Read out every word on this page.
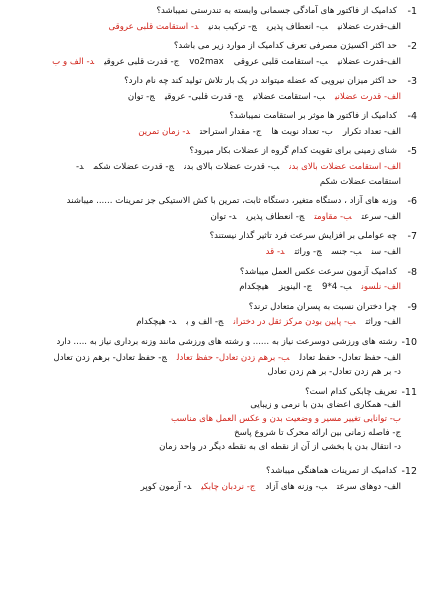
1-
کدامیک از فاکتور های آمادگی جسمانی وابسته به تندرستی نمیباشد؟
الف-قدرت عضلانیب- انعطاف پذیریج- ترکیب بدنید- استقامت قلبی عروقی
2-
حد اکثر اکسیژن مصرفی تعرف کدامیک از موارد زیر می باشد؟
الف-قدرت عضلانیب- استقامت قلبی عروقیvo2maxج- قدرت قلبی عروقید- الف و ب
3-
حد اکثر میزان نیرویی که عضله میتواند در یک بار تلاش تولید کند چه نام دارد؟
الف- قدرت عضلانیب- استقامت عضلانیج- قدرت قلبی- عروقیج- توان
4-
کدامیک از فاکتور ها موثر بر استقامت نمیباشد؟
الف- تعداد تکرارب- تعداد نوبت هاج- مقدار استراحتد- زمان تمرین
5-
شنای زمینی برای تقویت کدام گروه از عضلات بکار میرود؟
الف- استقامت عضلات بالای بدنب- قدرت عضلات بالای بدنج- قدرت عضلات شکمد-
استقامت عضلات شکم
6-
وزنه های آزاد ، دستگاه متغیر، دستگاه ثابت، تمرین با کش الاستیکی جز تمرینات ...... میباشند
الف- سرعتب- مقاومتج- انعطاف پذیرید- توان
7-
چه عواملی بر افزایش سرعت فرد تاثیر گذار نیستند؟
الف- سنب- جنسج- وراثتد- قد
8-
کدامیک آزمون سرعت عکس العمل میباشد؟
الف- نلسونب- 4*9ج- الینویزهیچکدام
9-
چرا دختران نسبت به پسران متعادل ترند؟
الف- وراثتب- پایین بودن مرکز ثقل در دخترانج- الف و بد- هیچکدام
10-
رشته های ورزشی دوسرعت نیاز به ...... و رشته های ورزشی مانند وزنه برداری نیاز به ..... دارد
الف- حفظ تعادل- حفظ تعادلب- برهم زدن تعادل- حفظ تعادلج- حفظ تعادل- برهم زدن تعادل
د- بر هم زدن تعادل- بر هم زدن تعادل
11-
تعریف چابکی کدام است؟
الف- همکاری اعضای بدن با نرمی و زیبایی
ب- توانایی تغییر مسیر و وضعیت بدن و عکس العمل های مناسب
ج- فاصله زمانی بین ارائه محرک تا شروع پاسخ
د- انتقال بدن یا بخشی از آن از نقطه ای به نقطه دیگر در واحد زمان
12-
کدامیک از تمرینات هماهنگی میباشد؟
الف- دوهای سرعتب- وزنه های آزادج- نردبان چابکید- آزمون کوپر
